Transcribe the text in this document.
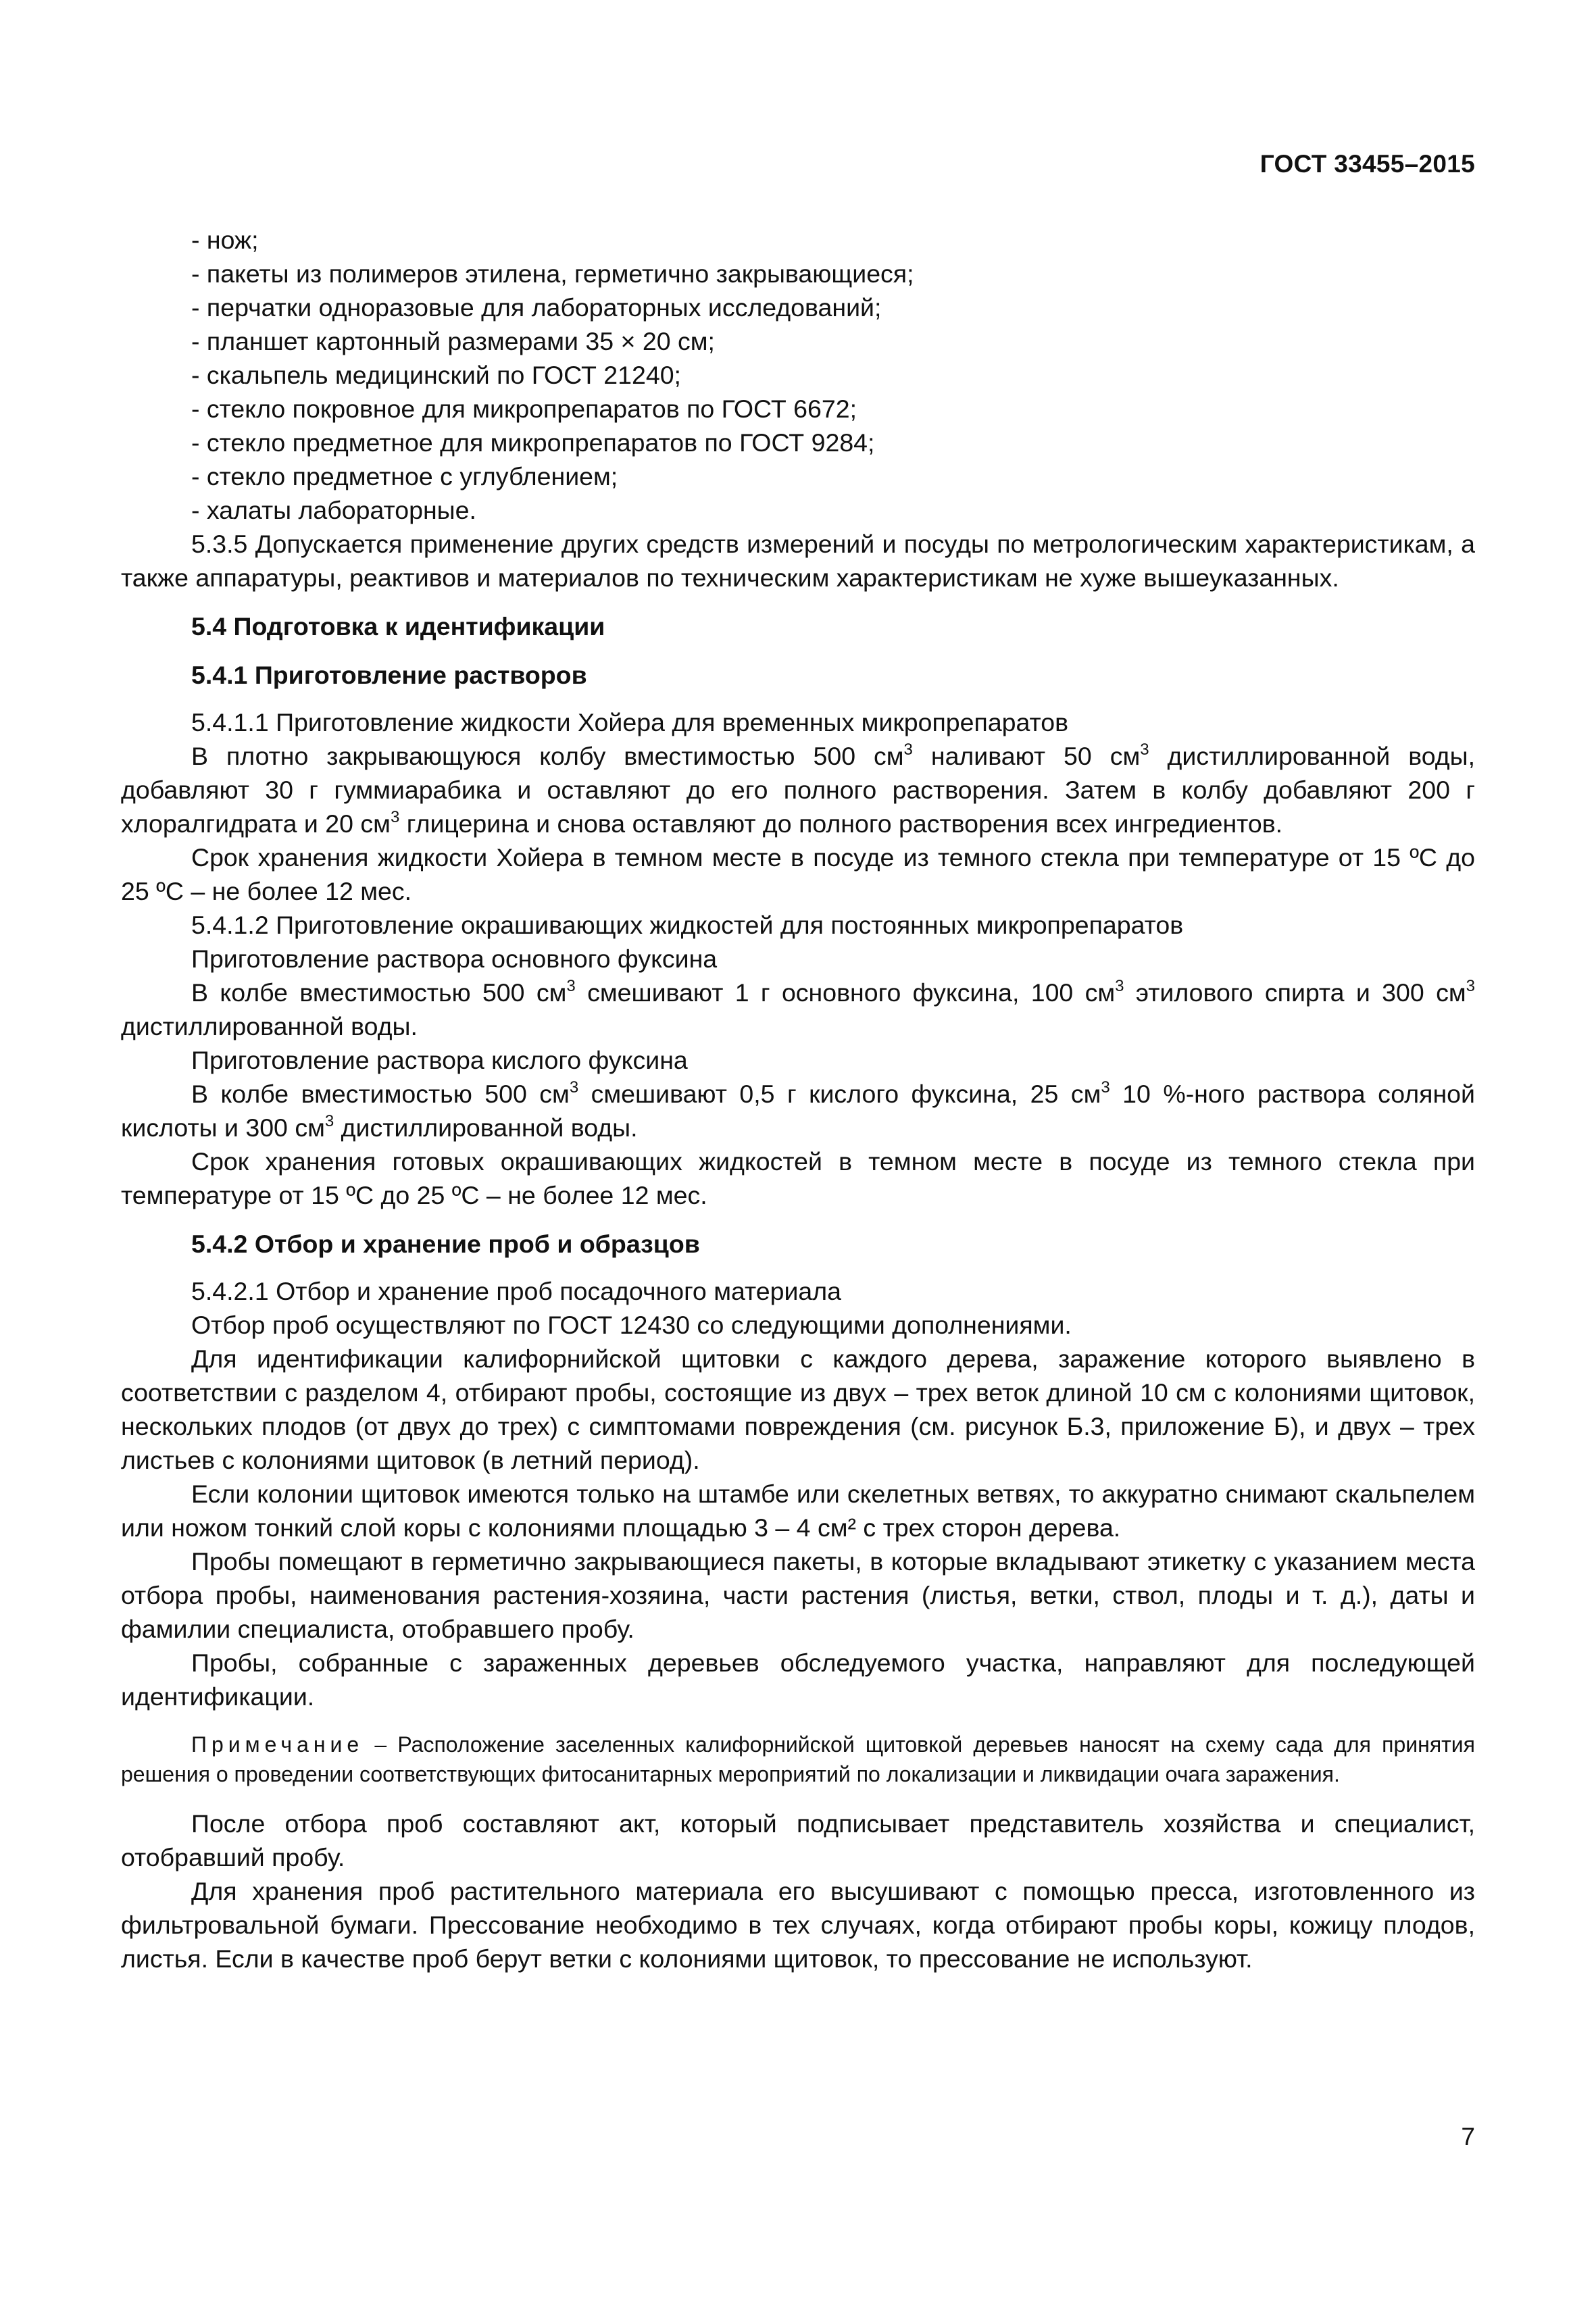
ГОСТ 33455–2015

- нож;

- пакеты из полимеров этилена, герметично закрывающиеся;

- перчатки одноразовые для лабораторных исследований;

- планшет картонный размерами 35 × 20 см;

- скальпель медицинский по ГОСТ 21240;

- стекло покровное для микропрепаратов по ГОСТ 6672;

- стекло предметное для микропрепаратов по ГОСТ 9284;

- стекло предметное с углублением;

- халаты лабораторные.

5.3.5 Допускается применение других средств измерений и посуды по метрологическим характеристикам, а также аппаратуры, реактивов и материалов по техническим характеристикам не хуже вышеуказанных.

5.4 Подготовка к идентификации
5.4.1 Приготовление растворов

5.4.1.1 Приготовление жидкости Хойера для временных микропрепаратов

В плотно закрывающуюся колбу вместимостью 500 $см^3$ наливают 50 $см^3$ дистиллированной воды, добавляют 30 г гуммиарабика и оставляют до его полного растворения. Затем в колбу добавляют 200 г хлоралгидрата и 20 $см^3$ глицерина и снова оставляют до полного растворения всех ингредиентов.

Срок хранения жидкости Хойера в темном месте в посуде из темного стекла при температуре от 15 ºС до 25 ºС – не более 12 мес.

5.4.1.2 Приготовление окрашивающих жидкостей для постоянных микропрепаратов

Приготовление раствора основного фуксина

В колбе вместимостью 500 $см^3$ смешивают 1 г основного фуксина, 100 $см^3$ этилового спирта и 300 $см^3$ дистиллированной воды.

Приготовление раствора кислого фуксина

В колбе вместимостью 500 $см^3$ смешивают 0,5 г кислого фуксина, 25 $см^3$ 10 %-ного раствора соляной кислоты и 300 $см^3$ дистиллированной воды.

Срок хранения готовых окрашивающих жидкостей в темном месте в посуде из темного стекла при температуре от 15 ºС до 25 ºС – не более 12 мес.

5.4.2 Отбор и хранение проб и образцов

5.4.2.1 Отбор и хранение проб посадочного материала

Отбор проб осуществляют по ГОСТ 12430 со следующими дополнениями.

Для идентификации калифорнийской щитовки с каждого дерева, заражение которого выявлено в соответствии с разделом 4, отбирают пробы, состоящие из двух – трех веток длиной 10 см с колониями щитовок, нескольких плодов (от двух до трех) с симптомами повреждения (см. рисунок Б.3, приложение Б), и двух – трех листьев с колониями щитовок (в летний период).

Если колонии щитовок имеются только на штамбе или скелетных ветвях, то аккуратно снимают скальпелем или ножом тонкий слой коры с колониями площадью 3 – 4 см² с трех сторон дерева.

Пробы помещают в герметично закрывающиеся пакеты, в которые вкладывают этикетку с указанием места отбора пробы, наименования растения-хозяина, части растения (листья, ветки, ствол, плоды и т. д.), даты и фамилии специалиста, отобравшего пробу.

Пробы, собранные с зараженных деревьев обследуемого участка, направляют для последующей идентификации.

Примечание – Расположение заселенных калифорнийской щитовкой деревьев наносят на схему сада для принятия решения о проведении соответствующих фитосанитарных мероприятий по локализации и ликвидации очага заражения.

После отбора проб составляют акт, который подписывает представитель хозяйства и специалист, отобравший пробу.

Для хранения проб растительного материала его высушивают с помощью пресса, изготовленного из фильтровальной бумаги. Прессование необходимо в тех случаях, когда отбирают пробы коры, кожицу плодов, листья. Если в качестве проб берут ветки с колониями щитовок, то прессование не используют.

7
